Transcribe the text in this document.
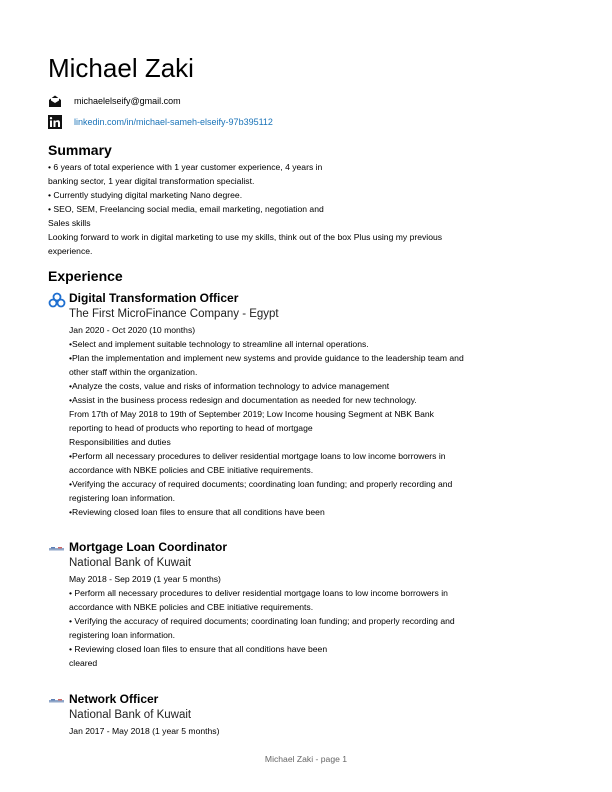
Michael Zaki
michaelelseify@gmail.com
linkedin.com/in/michael-sameh-elseify-97b395112
Summary
• 6 years of total experience with 1 year customer experience, 4 years in
banking sector, 1 year digital transformation specialist.
• Currently studying digital marketing Nano degree.
• SEO, SEM, Freelancing social media, email marketing, negotiation and
Sales skills
Looking forward to work in digital marketing to use my skills, think out of the box Plus using my previous
experience.
Experience
Digital Transformation Officer
The First MicroFinance Company - Egypt
Jan 2020 - Oct 2020 (10 months)
•Select and implement suitable technology to streamline all internal operations.
•Plan the implementation and implement new systems and provide guidance to the leadership team and
other staff within the organization.
•Analyze the costs, value and risks of information technology to advice management
•Assist in the business process redesign and documentation as needed for new technology.
From 17th of May 2018 to 19th of September 2019; Low Income housing Segment at NBK Bank
reporting to head of products who reporting to head of mortgage
Responsibilities and duties
•Perform all necessary procedures to deliver residential mortgage loans to low income borrowers in
accordance with NBKE policies and CBE initiative requirements.
•Verifying the accuracy of required documents; coordinating loan funding; and properly recording and
registering loan information.
•Reviewing closed loan files to ensure that all conditions have been
Mortgage Loan Coordinator
National Bank of Kuwait
May 2018 - Sep 2019 (1 year 5 months)
• Perform all necessary procedures to deliver residential mortgage loans to low income borrowers in
accordance with NBKE policies and CBE initiative requirements.
• Verifying the accuracy of required documents; coordinating loan funding; and properly recording and
registering loan information.
• Reviewing closed loan files to ensure that all conditions have been
cleared
Network Officer
National Bank of Kuwait
Jan 2017 - May 2018 (1 year 5 months)
Michael Zaki - page 1
